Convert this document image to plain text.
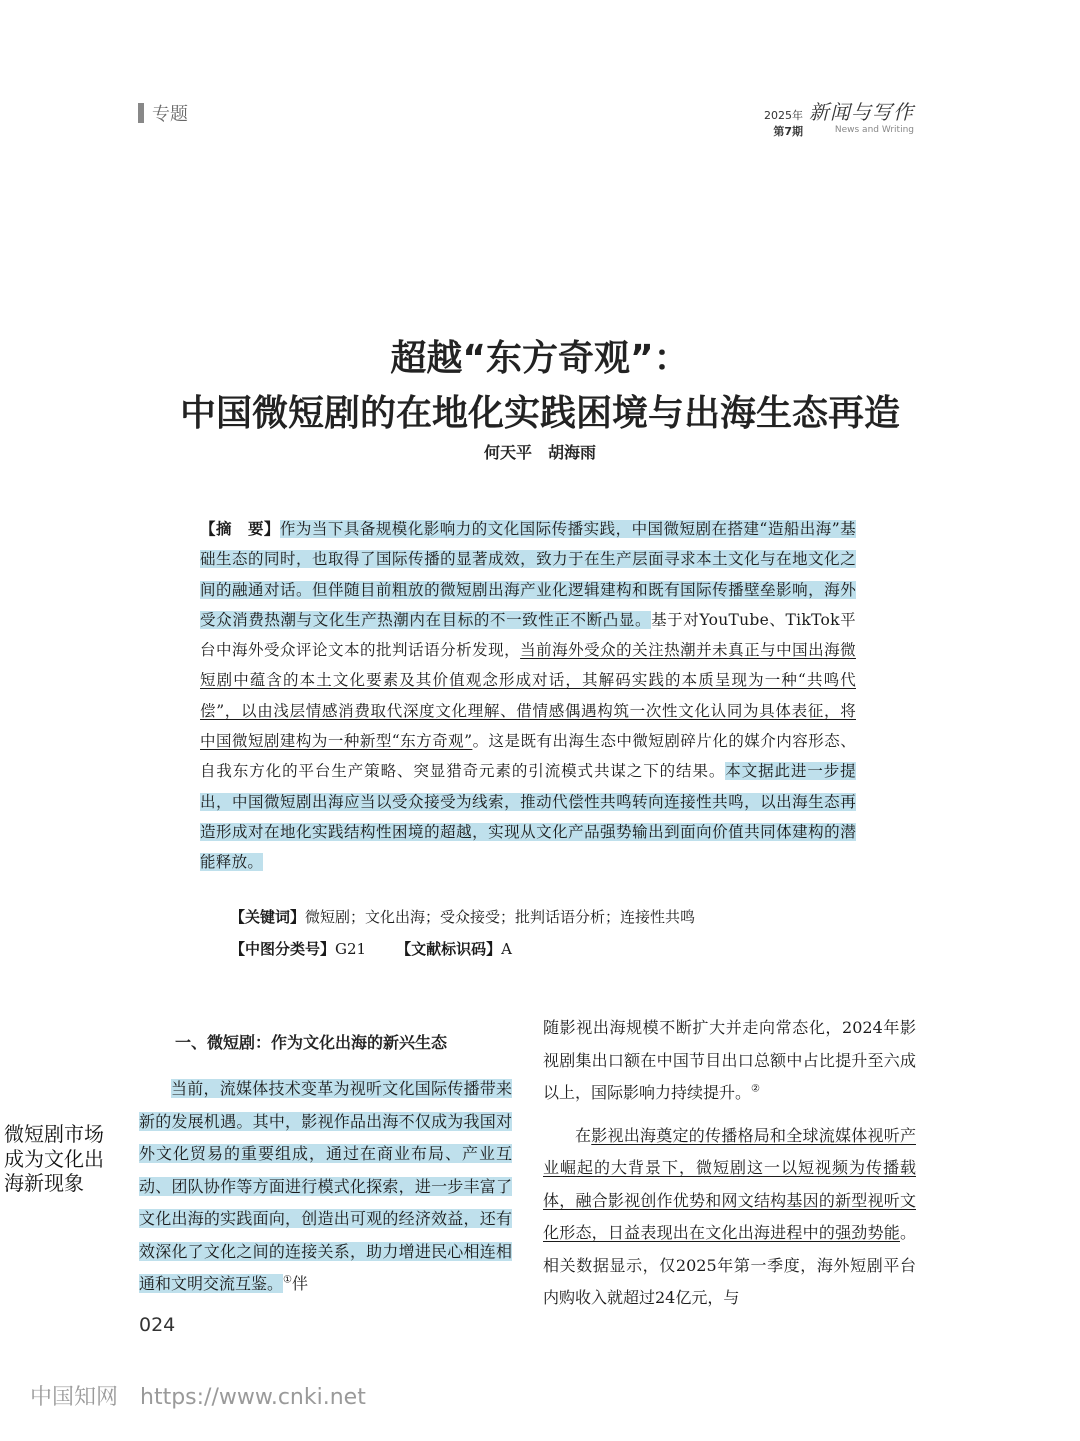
专题	2025年
第7期
新闻与写作
News and Writing
超越“东方奇观”：
中国微短剧的在地化实践困境与出海生态再造
何天平　胡海雨
【摘　要】作为当下具备规模化影响力的文化国际传播实践，中国微短剧在搭建“造船出海”基础生态的同时，也取得了国际传播的显著成效，致力于在生产层面寻求本土文化与在地文化之间的融通对话。但伴随目前粗放的微短剧出海产业化逻辑建构和既有国际传播壁垒影响，海外受众消费热潮与文化生产热潮内在目标的不一致性正不断凸显。基于对YouTube、TikTok平台中海外受众评论文本的批判话语分析发现，当前海外受众的关注热潮并未真正与中国出海微短剧中蕴含的本土文化要素及其价值观念形成对话，其解码实践的本质呈现为一种“共鸣代偿”，以由浅层情感消费取代深度文化理解、借情感偶遇构筑一次性文化认同为具体表征，将中国微短剧建构为一种新型“东方奇观”。这是既有出海生态中微短剧碎片化的媒介内容形态、自我东方化的平台生产策略、突显猎奇元素的引流模式共谋之下的结果。本文据此进一步提出，中国微短剧出海应当以受众接受为线索，推动代偿性共鸣转向连接性共鸣，以出海生态再造形成对在地化实践结构性困境的超越，实现从文化产品强势输出到面向价值共同体建构的潜能释放。
【关键词】微短剧；文化出海；受众接受；批判话语分析；连接性共鸣
【中图分类号】G21 【文献标识码】A
一、微短剧：作为文化出海的新兴生态
当前，流媒体技术变革为视听文化国际传播带来新的发展机遇。其中，影视作品出海不仅成为我国对外文化贸易的重要组成，通过在商业布局、产业互动、团队协作等方面进行模式化探索，进一步丰富了文化出海的实践面向，创造出可观的经济效益，还有效深化了文化之间的连接关系，助力增进民心相连相通和文明交流互鉴。①伴

随影视出海规模不断扩大并走向常态化，2024年影视剧集出口额在中国节目出口总额中占比提升至六成以上，国际影响力持续提升。②

在影视出海奠定的传播格局和全球流媒体视听产业崛起的大背景下，微短剧这一以短视频为传播载体，融合影视创作优势和网文结构基因的新型视听文化形态，日益表现出在文化出海进程中的强劲势能。相关数据显示，仅2025年第一季度，海外短剧平台内购收入就超过24亿元，与

微短剧市场成为文化出海新现象
024
中国知网 https://www.cnki.net
